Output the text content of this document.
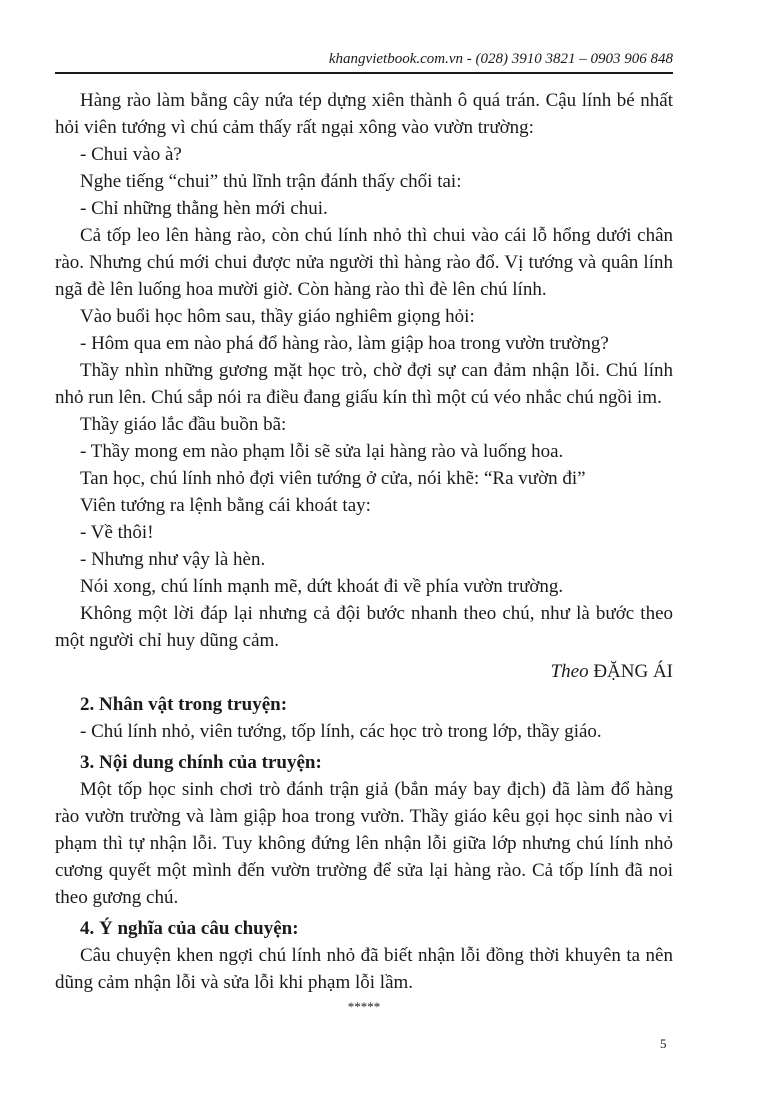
khangvietbook.com.vn - (028) 3910 3821 – 0903 906 848

Hàng rào làm bằng cây nứa tép dựng xiên thành ô quá trán. Cậu lính bé nhất hỏi viên tướng vì chú cảm thấy rất ngại xông vào vườn trường:

- Chui vào à?

Nghe tiếng “chui” thủ lĩnh trận đánh thấy chối tai:

- Chỉ những thằng hèn mới chui.

Cả tốp leo lên hàng rào, còn chú lính nhỏ thì chui vào cái lỗ hổng dưới chân rào. Nhưng chú mới chui được nửa người thì hàng rào đổ. Vị tướng và quân lính ngã đè lên luống hoa mười giờ. Còn hàng rào thì đè lên chú lính.

Vào buổi học hôm sau, thầy giáo nghiêm giọng hỏi:

- Hôm qua em nào phá đổ hàng rào, làm giập hoa trong vườn trường?

Thầy nhìn những gương mặt học trò, chờ đợi sự can đảm nhận lỗi. Chú lính nhỏ run lên. Chú sắp nói ra điều đang giấu kín thì một cú véo nhắc chú ngồi im.

Thầy giáo lắc đầu buồn bã:

- Thầy mong em nào phạm lỗi sẽ sửa lại hàng rào và luống hoa.

Tan học, chú lính nhỏ đợi viên tướng ở cửa, nói khẽ: “Ra vườn đi”

Viên tướng ra lệnh bằng cái khoát tay:

- Về thôi!

- Nhưng như vậy là hèn.

Nói xong, chú lính mạnh mẽ, dứt khoát đi về phía vườn trường.

Không một lời đáp lại nhưng cả đội bước nhanh theo chú, như là bước theo một người chỉ huy dũng cảm.

Theo ĐẶNG ÁI

2. Nhân vật trong truyện:

- Chú lính nhỏ, viên tướng, tốp lính, các học trò trong lớp, thầy giáo.

3. Nội dung chính của truyện:

Một tốp học sinh chơi trò đánh trận giả (bắn máy bay địch) đã làm đổ hàng rào vườn trường và làm giập hoa trong vườn. Thầy giáo kêu gọi học sinh nào vi phạm thì tự nhận lỗi. Tuy không đứng lên nhận lỗi giữa lớp nhưng chú lính nhỏ cương quyết một mình đến vườn trường để sửa lại hàng rào. Cả tốp lính đã noi theo gương chú.

4. Ý nghĩa của câu chuyện:

Câu chuyện khen ngợi chú lính nhỏ đã biết nhận lỗi đồng thời khuyên ta nên dũng cảm nhận lỗi và sửa lỗi khi phạm lỗi lầm.

*****

5
